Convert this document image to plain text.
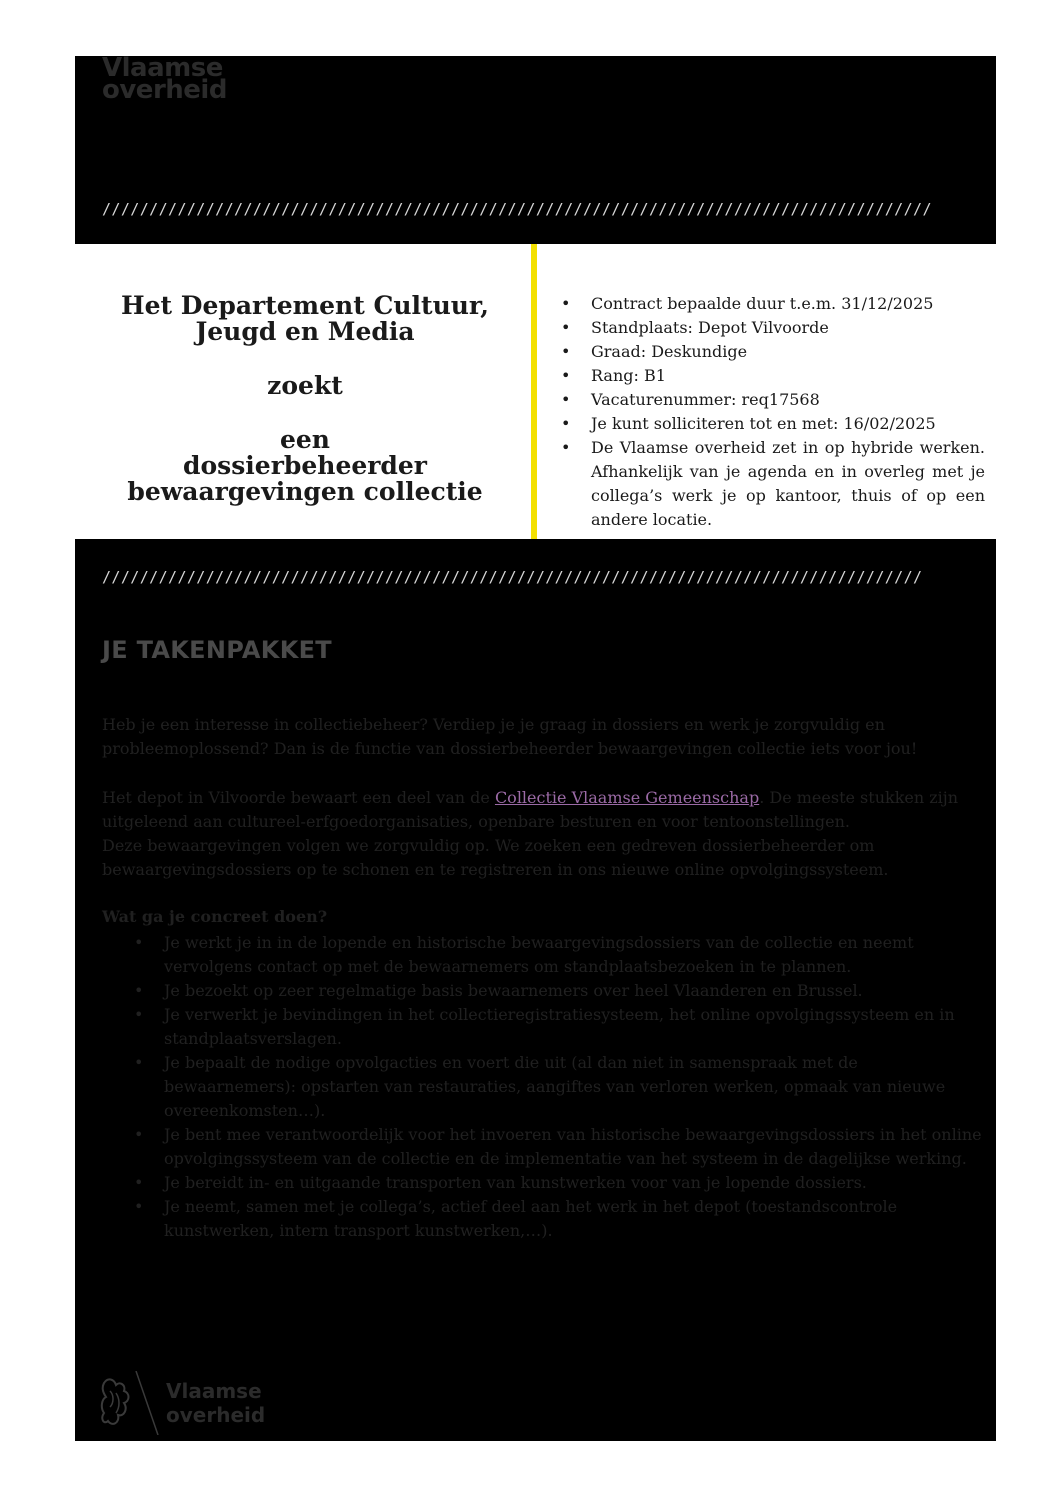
Vlaamse
overheid
////////////////////////////////////////////////////////////////////////////////////////
Het Departement Cultuur,
Jeugd en Media
zoekt
een
dossierbeheerder
bewaargevingen collectie
• Contract bepaalde duur t.e.m. 31/12/2025
• Standplaats: Depot Vilvoorde
• Graad: Deskundige
• Rang: B1
• Vacaturenummer: req17568
• Je kunt solliciteren tot en met: 16/02/2025
• De Vlaamse overheid zet in op hybride werken. Afhankelijk van je agenda en in overleg met je collega’s werk je op kantoor, thuis of op een andere locatie.
///////////////////////////////////////////////////////////////////////////////////////
JE TAKENPAKKET
Heb je een interesse in collectiebeheer? Verdiep je je graag in dossiers en werk je zorgvuldig en probleemoplossend? Dan is de functie van dossierbeheerder bewaargevingen collectie iets voor jou!
Het depot in Vilvoorde bewaart een deel van de Collectie Vlaamse Gemeenschap. De meeste stukken zijn uitgeleend aan cultureel-erfgoedorganisaties, openbare besturen en voor tentoonstellingen.
Deze bewaargevingen volgen we zorgvuldig op. We zoeken een gedreven dossierbeheerder om bewaargevingsdossiers op te schonen en te registreren in ons nieuwe online opvolgingssysteem.
Wat ga je concreet doen?
• Je werkt je in in de lopende en historische bewaargevingsdossiers van de collectie en neemt vervolgens contact op met de bewaarnemers om standplaatsbezoeken in te plannen.
• Je bezoekt op zeer regelmatige basis bewaarnemers over heel Vlaanderen en Brussel.
• Je verwerkt je bevindingen in het collectieregistratiesysteem, het online opvolgingssysteem en in standplaatsverslagen.
• Je bepaalt de nodige opvolgacties en voert die uit (al dan niet in samenspraak met de bewaarnemers): opstarten van restauraties, aangiftes van verloren werken, opmaak van nieuwe overeenkomsten…).
• Je bent mee verantwoordelijk voor het invoeren van historische bewaargevingsdossiers in het online opvolgingssysteem van de collectie en de implementatie van het systeem in de dagelijkse werking.
• Je bereidt in- en uitgaande transporten van kunstwerken voor van je lopende dossiers.
• Je neemt, samen met je collega’s, actief deel aan het werk in het depot (toestandscontrole kunstwerken, intern transport kunstwerken,…).
Vlaamse
overheid
